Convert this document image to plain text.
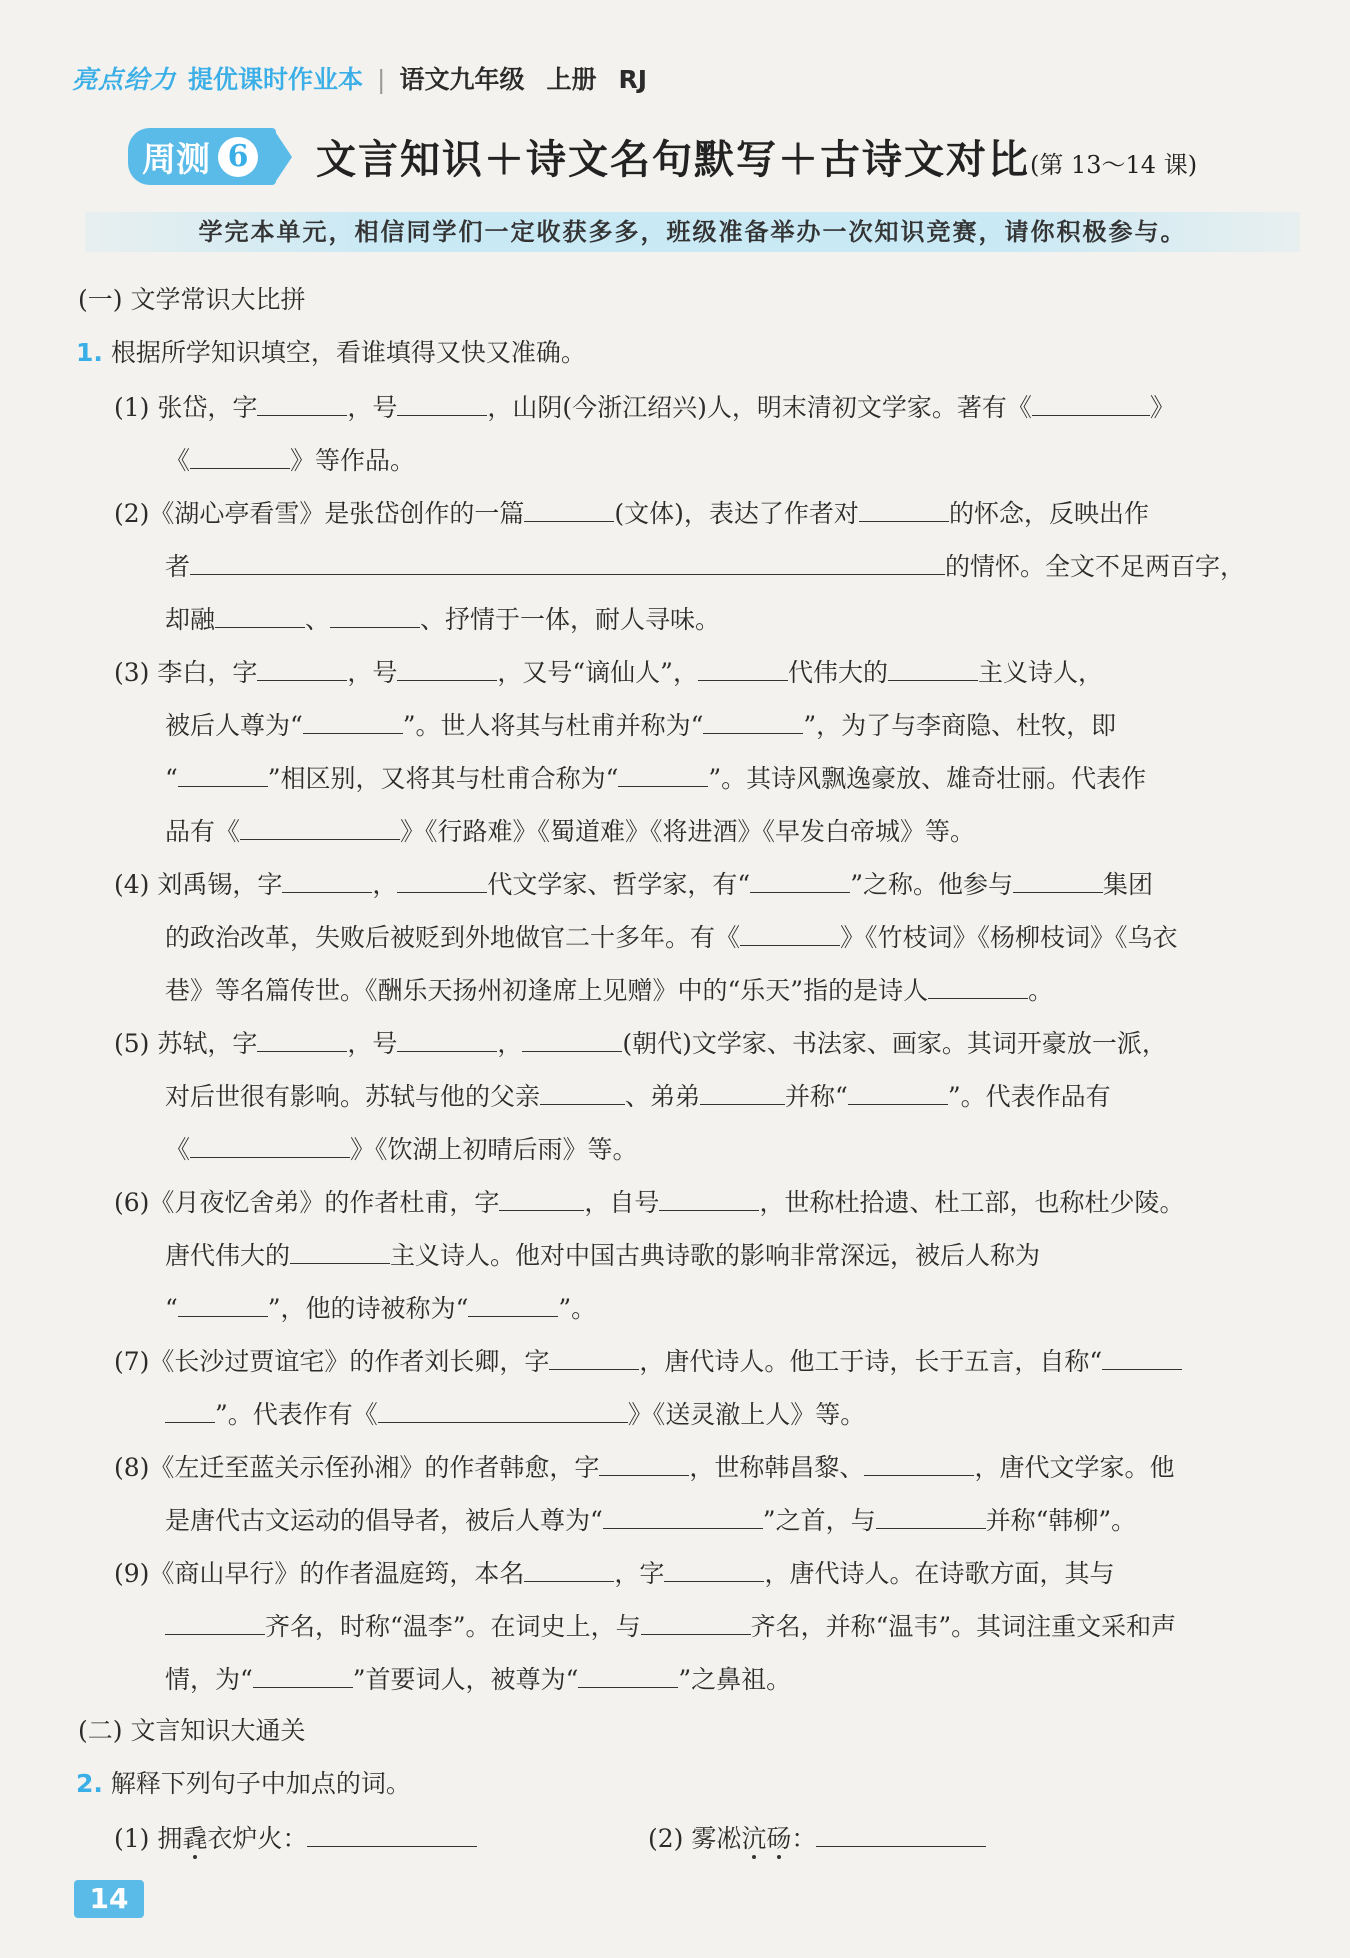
亮点给力 提优课时作业本 | 语文九年级 上册 RJ
周测 6 文言知识＋诗文名句默写＋古诗文对比(第 13～14 课)
学完本单元，相信同学们一定收获多多，班级准备举办一次知识竞赛，请你积极参与。
(一) 文学常识大比拼
1. 根据所学知识填空，看谁填得又快又准确。
(1) 张岱，字	，号	，山阴(今浙江绍兴)人，明末清初文学家。著有《	》
《	》等作品。
(2)《湖心亭看雪》是张岱创作的一篇	(文体)，表达了作者对	的怀念，反映出作
者	的情怀。全文不足两百字，
却融	、	、抒情于一体，耐人寻味。
(3) 李白，字	，号	，又号“谪仙人”，	代伟大的	主义诗人，
被后人尊为“	”。世人将其与杜甫并称为“	”，为了与李商隐、杜牧，即
“	”相区别，又将其与杜甫合称为“	”。其诗风飘逸豪放、雄奇壮丽。代表作
品有《	》《行路难》《蜀道难》《将进酒》《早发白帝城》等。
(4) 刘禹锡，字	，	代文学家、哲学家，有“	”之称。他参与	集团
的政治改革，失败后被贬到外地做官二十多年。有《	》《竹枝词》《杨柳枝词》《乌衣
巷》等名篇传世。《酬乐天扬州初逢席上见赠》中的“乐天”指的是诗人	。
(5) 苏轼，字	，号	，	(朝代)文学家、书法家、画家。其词开豪放一派，
对后世很有影响。苏轼与他的父亲	、弟弟	并称“	”。代表作品有
《	》《饮湖上初晴后雨》等。
(6)《月夜忆舍弟》的作者杜甫，字	，自号	，世称杜拾遗、杜工部，也称杜少陵。
唐代伟大的	主义诗人。他对中国古典诗歌的影响非常深远，被后人称为
“	”，他的诗被称为“	”。
(7)《长沙过贾谊宅》的作者刘长卿，字	，唐代诗人。他工于诗，长于五言，自称“
”。代表作有《	》《送灵澈上人》等。
(8)《左迁至蓝关示侄孙湘》的作者韩愈，字	，世称韩昌黎、	，唐代文学家。他
是唐代古文运动的倡导者，被后人尊为“	”之首，与	并称“韩柳”。
(9)《商山早行》的作者温庭筠，本名	，字	，唐代诗人。在诗歌方面，其与
齐名，时称“温李”。在词史上，与	齐名，并称“温韦”。其词注重文采和声
情，为“	”首要词人，被尊为“	”之鼻祖。
(二) 文言知识大通关
2. 解释下列句子中加点的词。
(1) 拥毳衣炉火：	(2) 雾凇沆砀：
14
